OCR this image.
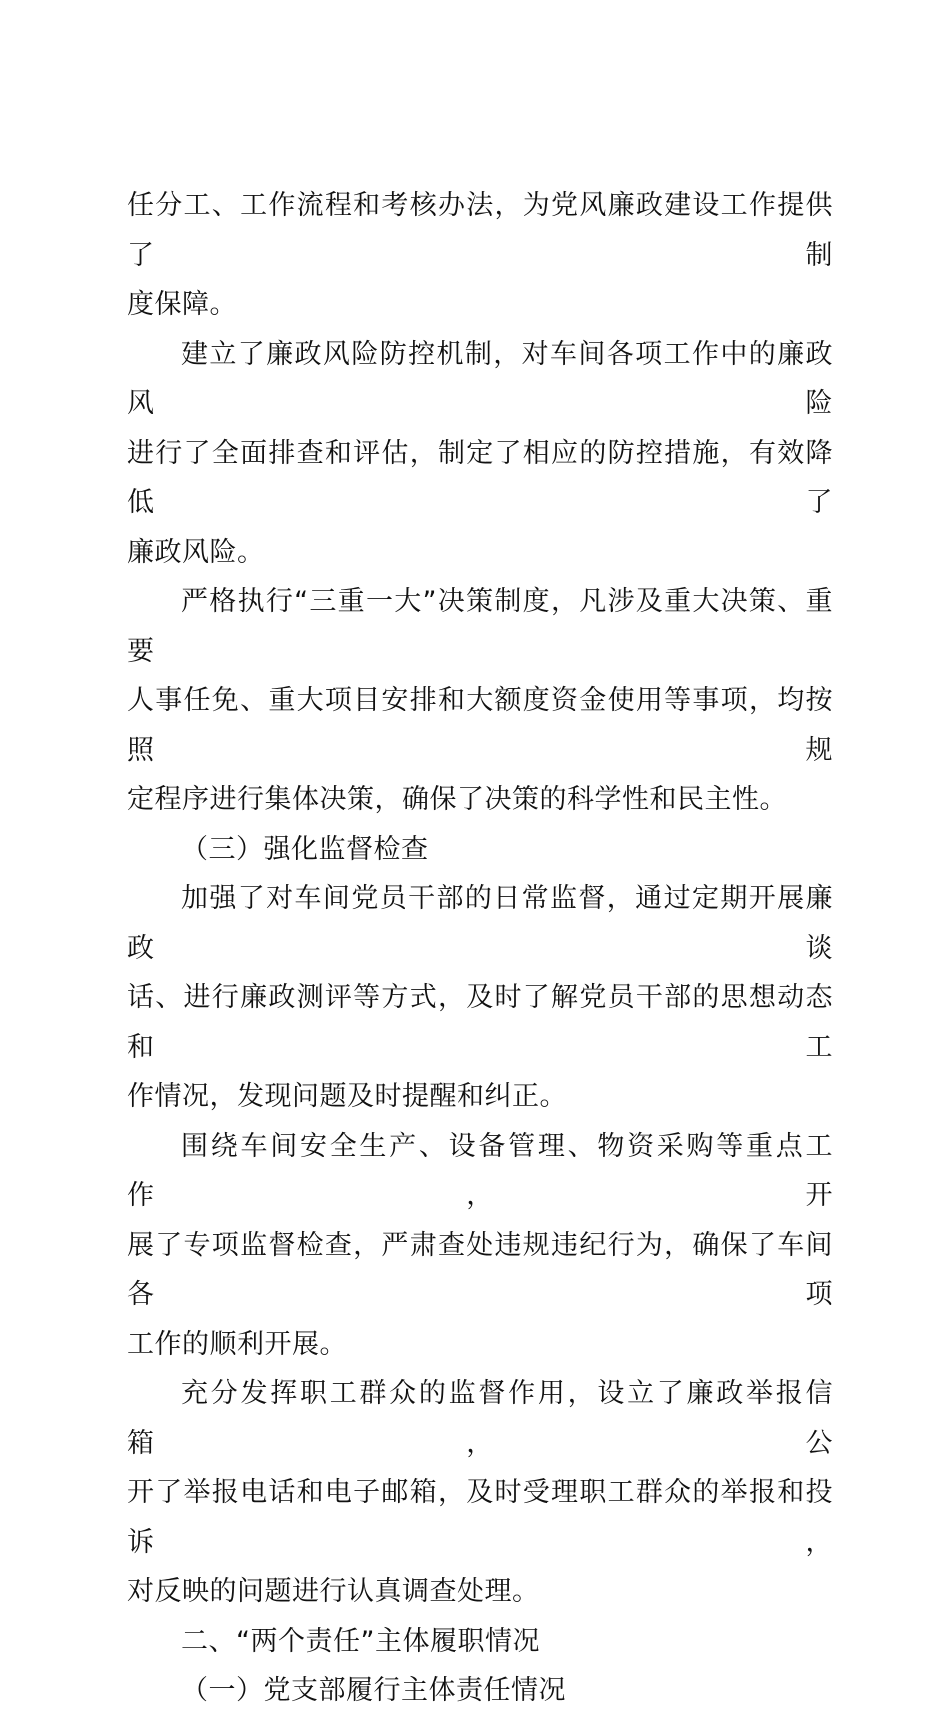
任分工、工作流程和考核办法，为党风廉政建设工作提供了制
度保障。

建立了廉政风险防控机制，对车间各项工作中的廉政风险
进行了全面排查和评估，制定了相应的防控措施，有效降低了
廉政风险。

严格执行“三重一大”决策制度，凡涉及重大决策、重要
人事任免、重大项目安排和大额度资金使用等事项，均按照规
定程序进行集体决策，确保了决策的科学性和民主性。

（三）强化监督检查

加强了对车间党员干部的日常监督，通过定期开展廉政谈
话、进行廉政测评等方式，及时了解党员干部的思想动态和工
作情况，发现问题及时提醒和纠正。

围绕车间安全生产、设备管理、物资采购等重点工作，开
展了专项监督检查，严肃查处违规违纪行为，确保了车间各项
工作的顺利开展。

充分发挥职工群众的监督作用，设立了廉政举报信箱，公
开了举报电话和电子邮箱，及时受理职工群众的举报和投诉，
对反映的问题进行认真调查处理。

二、“两个责任”主体履职情况

（一）党支部履行主体责任情况
